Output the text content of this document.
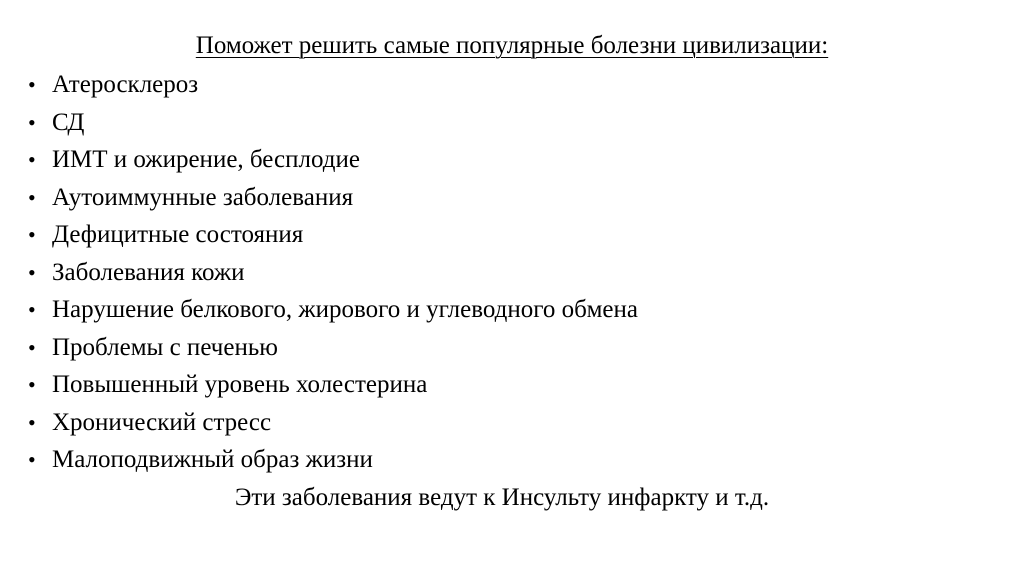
Поможет решить самые популярные болезни цивилизации:
• Атеросклероз
• СД
• ИМТ и ожирение, бесплодие
• Аутоиммунные заболевания
• Дефицитные состояния
• Заболевания кожи
• Нарушение белкового, жирового и углеводного обмена
• Проблемы с печенью
• Повышенный уровень холестерина
• Хронический стресс
• Малоподвижный образ жизни
Эти заболевания ведут к Инсульту инфаркту и т.д.
